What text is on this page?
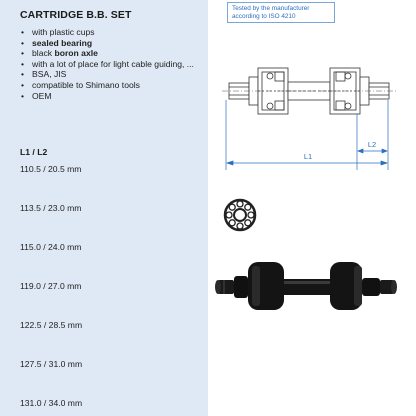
CARTRIDGE B.B. SET
• with plastic cups
• sealed bearing
• black boron axle
• with a lot of place for light cable guiding, ...
• BSA, JIS
• compatible to Shimano tools
• OEM
L1 / L2
110.5 / 20.5 mm
113.5 / 23.0 mm
115.0 / 24.0 mm
119.0 / 27.0 mm
122.5 / 28.5 mm
127.5 / 31.0 mm
131.0 / 34.0 mm
Tested by the manufacturer according to ISO 4210
L1
L2
